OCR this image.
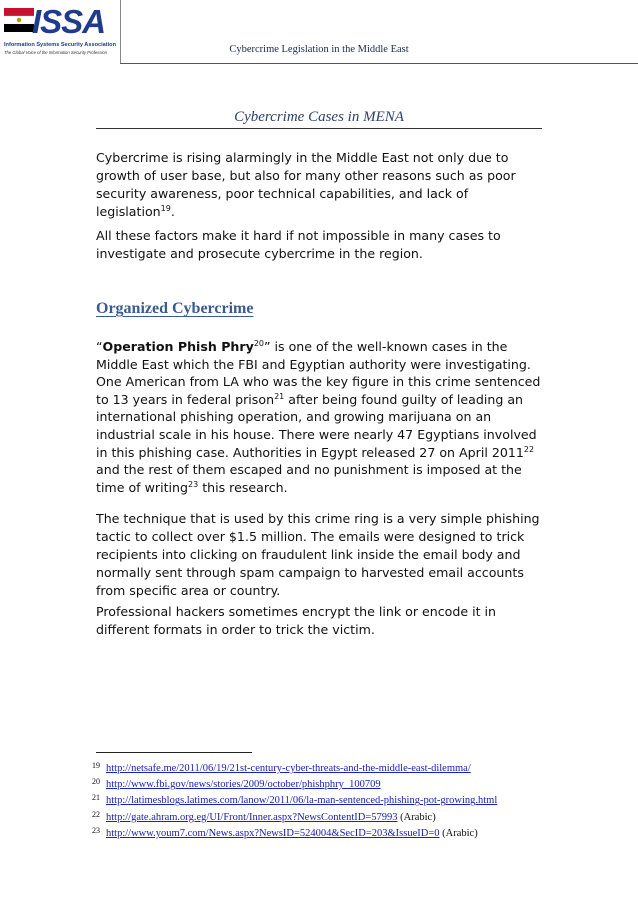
ISSA
Information Systems Security Association
The Global Voice of the Information Security Profession	Cybercrime Legislation in the Middle East
Cybercrime Cases in MENA

Cybercrime is rising alarmingly in the Middle East not only due to growth of user base, but also for many other reasons such as poor security awareness, poor technical capabilities, and lack of legislation$^{19}$.

All these factors make it hard if not impossible in many cases to investigate and prosecute cybercrime in the region.

Organized Cybercrime

“Operation Phish Phry$^{20}$” is one of the well-known cases in the Middle East which the FBI and Egyptian authority were investigating. One American from LA who was the key figure in this crime sentenced to 13 years in federal prison$^{21}$ after being found guilty of leading an international phishing operation, and growing marijuana on an industrial scale in his house. There were nearly 47 Egyptians involved in this phishing case. Authorities in Egypt released 27 on April 2011$^{22}$ and the rest of them escaped and no punishment is imposed at the time of writing$^{23}$ this research.

The technique that is used by this crime ring is a very simple phishing tactic to collect over $1.5 million. The emails were designed to trick recipients into clicking on fraudulent link inside the email body and normally sent through spam campaign to harvested email accounts from specific area or country.

Professional hackers sometimes encrypt the link or encode it in different formats in order to trick the victim.

19 http://netsafe.me/2011/06/19/21st-century-cyber-threats-and-the-middle-east-dilemma/
20 http://www.fbi.gov/news/stories/2009/october/phishphry_100709
21 http://latimesblogs.latimes.com/lanow/2011/06/la-man-sentenced-phishing-pot-growing.html
22 http://gate.ahram.org.eg/UI/Front/Inner.aspx?NewsContentID=57993 (Arabic)
23 http://www.youm7.com/News.aspx?NewsID=524004&SecID=203&IssueID=0 (Arabic)
